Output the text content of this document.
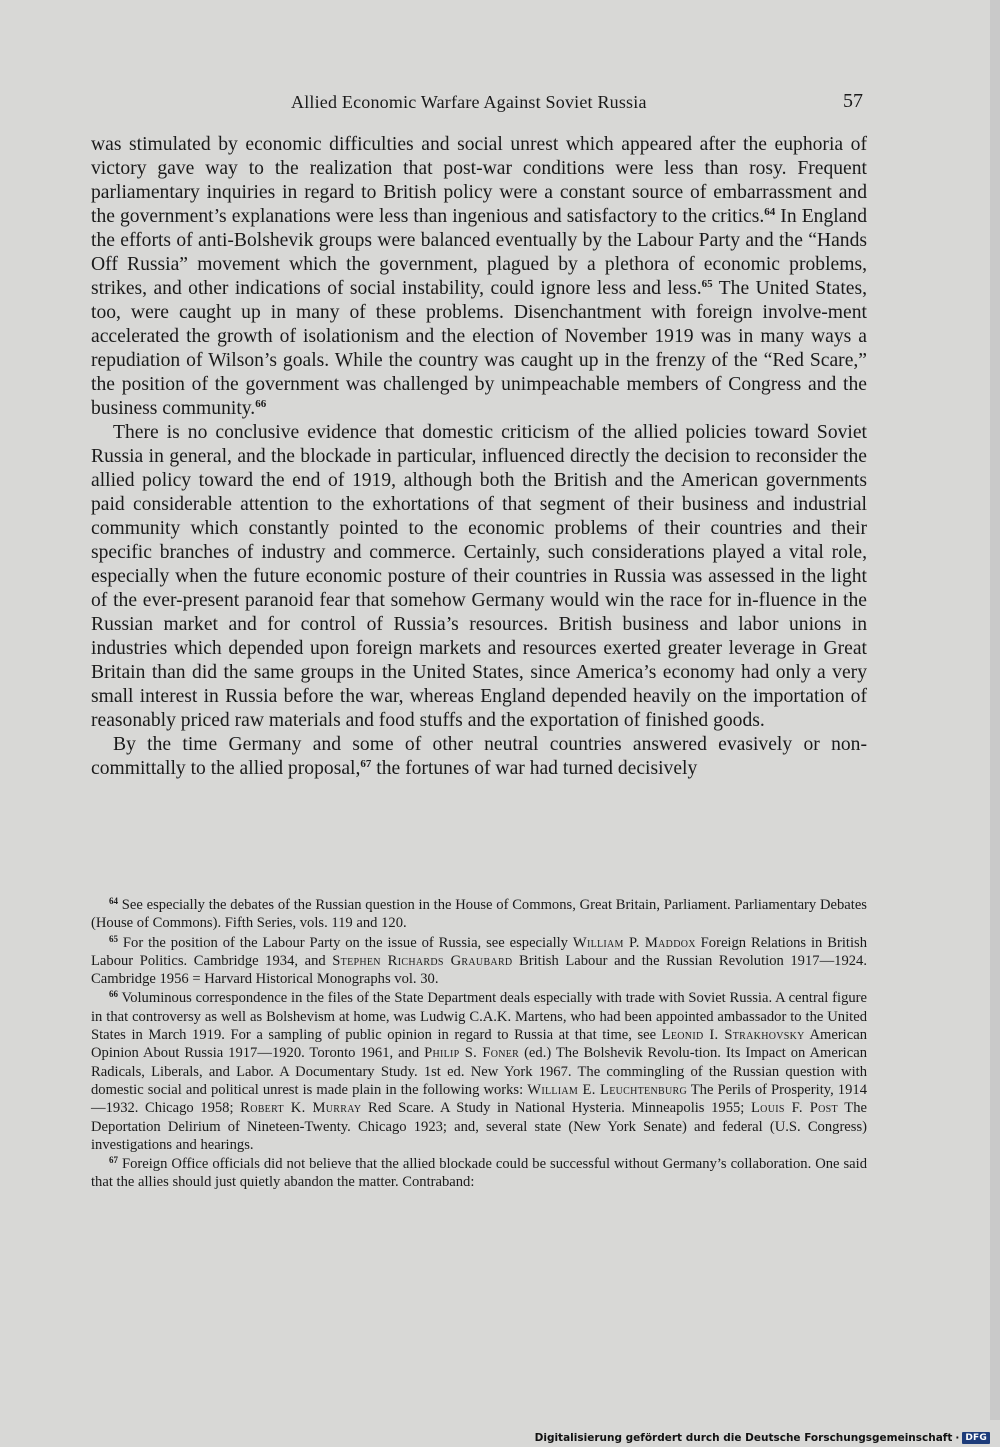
Allied Economic Warfare Against Soviet Russia	57

was stimulated by economic difficulties and social unrest which appeared after the euphoria of victory gave way to the realization that post-war conditions were less than rosy. Frequent parliamentary inquiries in regard to British policy were a constant source of embarrassment and the government’s explanations were less than ingenious and satisfactory to the critics.$^{64}$ In England the efforts of anti-Bolshevik groups were balanced eventually by the Labour Party and the “Hands Off Russia” movement which the government, plagued by a plethora of economic problems, strikes, and other indications of social instability, could ignore less and less.$^{65}$ The United States, too, were caught up in many of these problems. Disenchantment with foreign involve-ment accelerated the growth of isolationism and the election of November 1919 was in many ways a repudiation of Wilson’s goals. While the country was caught up in the frenzy of the “Red Scare,” the position of the government was challenged by unimpeachable members of Congress and the business community.$^{66}$

There is no conclusive evidence that domestic criticism of the allied policies toward Soviet Russia in general, and the blockade in particular, influenced directly the decision to reconsider the allied policy toward the end of 1919, although both the British and the American governments paid considerable attention to the exhortations of that segment of their business and industrial community which constantly pointed to the economic problems of their countries and their specific branches of industry and commerce. Certainly, such considerations played a vital role, especially when the future economic posture of their countries in Russia was assessed in the light of the ever-present paranoid fear that somehow Germany would win the race for in-fluence in the Russian market and for control of Russia’s resources. British business and labor unions in industries which depended upon foreign markets and resources exerted greater leverage in Great Britain than did the same groups in the United States, since America’s economy had only a very small interest in Russia before the war, whereas England depended heavily on the importation of reasonably priced raw materials and food stuffs and the exportation of finished goods.

By the time Germany and some of other neutral countries answered evasively or non-committally to the allied proposal,$^{67}$ the fortunes of war had turned decisively

$^{64}$ See especially the debates of the Russian question in the House of Commons, Great Britain, Parliament. Parliamentary Debates (House of Commons). Fifth Series, vols. 119 and 120.

$^{65}$ For the position of the Labour Party on the issue of Russia, see especially William P. Maddox Foreign Relations in British Labour Politics. Cambridge 1934, and Stephen Richards Graubard British Labour and the Russian Revolution 1917—1924. Cambridge 1956 = Harvard Historical Monographs vol. 30.

$^{66}$ Voluminous correspondence in the files of the State Department deals especially with trade with Soviet Russia. A central figure in that controversy as well as Bolshevism at home, was Ludwig C.A.K. Martens, who had been appointed ambassador to the United States in March 1919. For a sampling of public opinion in regard to Russia at that time, see Leonid I. Strakhovsky American Opinion About Russia 1917—1920. Toronto 1961, and Philip S. Foner (ed.) The Bolshevik Revolu-tion. Its Impact on American Radicals, Liberals, and Labor. A Documentary Study. 1st ed. New York 1967. The commingling of the Russian question with domestic social and political unrest is made plain in the following works: William E. Leuchtenburg The Perils of Prosperity, 1914—1932. Chicago 1958; Robert K. Murray Red Scare. A Study in National Hysteria. Minneapolis 1955; Louis F. Post The Deportation Delirium of Nineteen-Twenty. Chicago 1923; and, several state (New York Senate) and federal (U.S. Congress) investigations and hearings.

$^{67}$ Foreign Office officials did not believe that the allied blockade could be successful without Germany’s collaboration. One said that the allies should just quietly abandon the matter. Contraband:

Digitalisierung gefördert durch die Deutsche Forschungsgemeinschaft · DFG
